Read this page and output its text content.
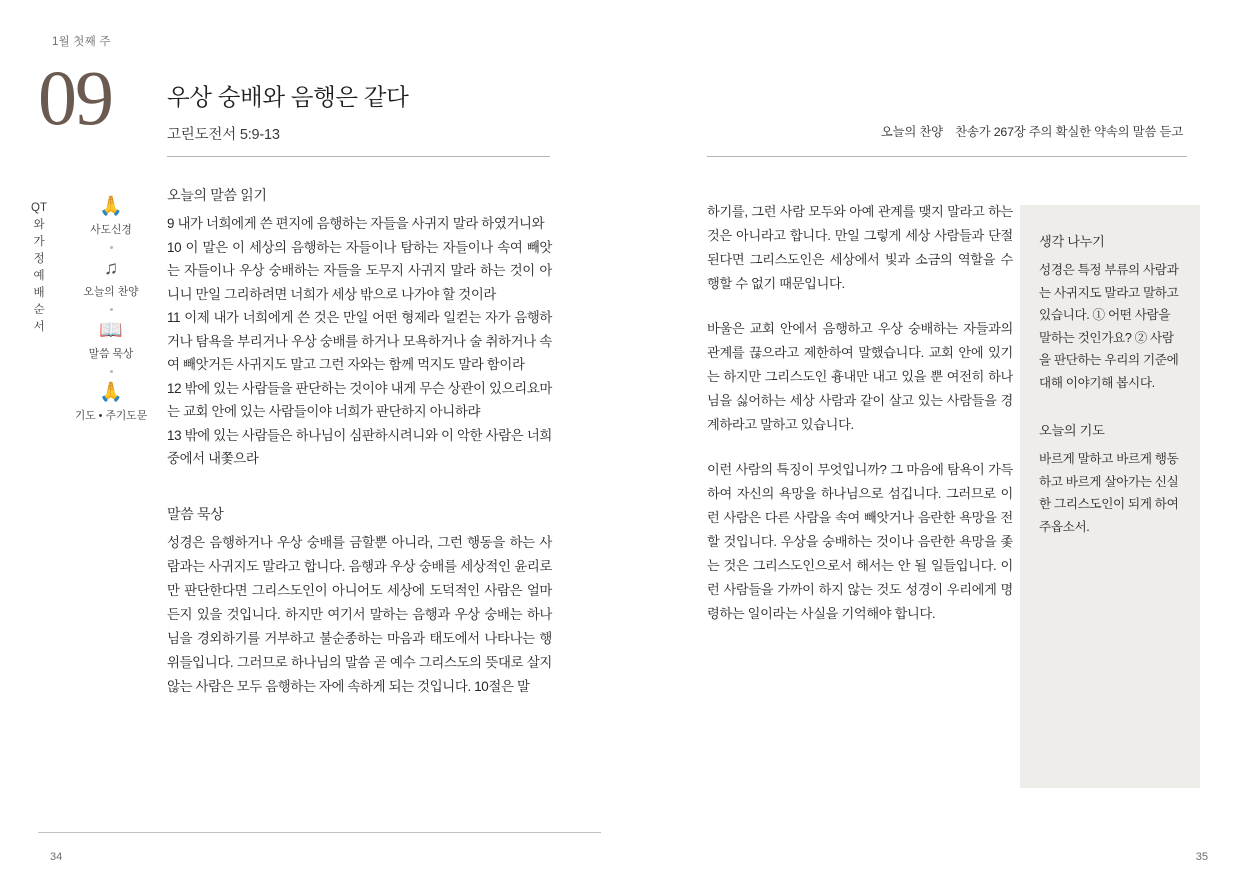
1월 첫째 주
09 우상 숭배와 음행은 같다
고린도전서 5:9-13
QT와 가정예배 순서
🙏
사도신경
♫
오늘의 찬양
📖
말씀 묵상
🙏
기도 • 주기도문
오늘의 말씀 읽기

9 내가 너희에게 쓴 편지에 음행하는 자들을 사귀지 말라 하였거니와

10 이 말은 이 세상의 음행하는 자들이나 탐하는 자들이나 속여 빼앗는 자들이나 우상 숭배하는 자들을 도무지 사귀지 말라 하는 것이 아니니 만일 그리하려면 너희가 세상 밖으로 나가야 할 것이라

11 이제 내가 너희에게 쓴 것은 만일 어떤 형제라 일컫는 자가 음행하거나 탐욕을 부리거나 우상 숭배를 하거나 모욕하거나 술 취하거나 속여 빼앗거든 사귀지도 말고 그런 자와는 함께 먹지도 말라 함이라

12 밖에 있는 사람들을 판단하는 것이야 내게 무슨 상관이 있으리요마는 교회 안에 있는 사람들이야 너희가 판단하지 아니하랴

13 밖에 있는 사람들은 하나님이 심판하시려니와 이 악한 사람은 너희 중에서 내쫓으라

말씀 묵상

성경은 음행하거나 우상 숭배를 금할뿐 아니라, 그런 행동을 하는 사람과는 사귀지도 말라고 합니다. 음행과 우상 숭배를 세상적인 윤리로만 판단한다면 그리스도인이 아니어도 세상에 도덕적인 사람은 얼마든지 있을 것입니다. 하지만 여기서 말하는 음행과 우상 숭배는 하나님을 경외하기를 거부하고 불순종하는 마음과 태도에서 나타나는 행위들입니다. 그러므로 하나님의 말씀 곧 예수 그리스도의 뜻대로 살지 않는 사람은 모두 음행하는 자에 속하게 되는 것입니다. 10절은 말

34
오늘의 찬양 찬송가 267장 주의 확실한 약속의 말씀 듣고

하기를, 그런 사람 모두와 아예 관계를 맺지 말라고 하는 것은 아니라고 합니다. 만일 그렇게 세상 사람들과 단절된다면 그리스도인은 세상에서 빛과 소금의 역할을 수행할 수 없기 때문입니다.

바울은 교회 안에서 음행하고 우상 숭배하는 자들과의 관계를 끊으라고 제한하여 말했습니다. 교회 안에 있기는 하지만 그리스도인 흉내만 내고 있을 뿐 여전히 하나님을 싫어하는 세상 사람과 같이 살고 있는 사람들을 경계하라고 말하고 있습니다.

이런 사람의 특징이 무엇입니까? 그 마음에 탐욕이 가득하여 자신의 욕망을 하나님으로 섬깁니다. 그러므로 이런 사람은 다른 사람을 속여 빼앗거나 음란한 욕망을 전할 것입니다. 우상을 숭배하는 것이나 음란한 욕망을 좇는 것은 그리스도인으로서 해서는 안 될 일들입니다. 이런 사람들을 가까이 하지 않는 것도 성경이 우리에게 명령하는 일이라는 사실을 기억해야 합니다.

생각 나누기

성경은 특정 부류의 사람과는 사귀지도 말라고 말하고 있습니다. ① 어떤 사람을 말하는 것인가요? ② 사람을 판단하는 우리의 기준에 대해 이야기해 봅시다.

오늘의 기도

바르게 말하고 바르게 행동하고 바르게 살아가는 신실한 그리스도인이 되게 하여 주옵소서.

35
